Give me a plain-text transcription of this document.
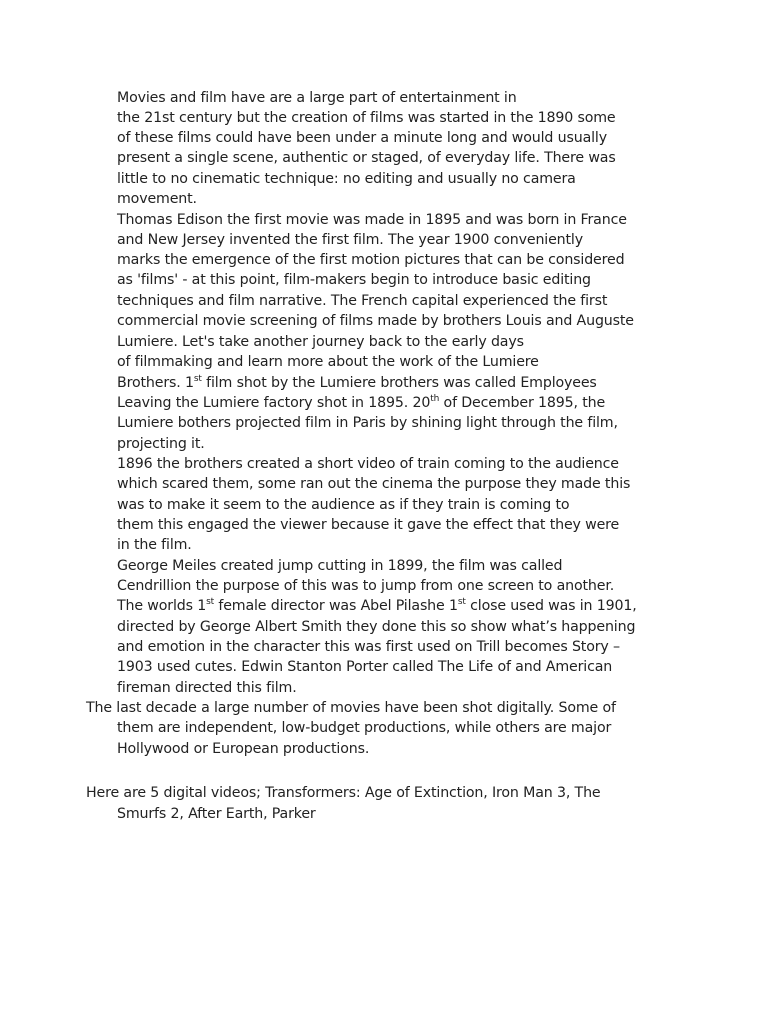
Movies and film have are a large part of entertainment in
the 21st century but the creation of films was started in the 1890 some
of these films could have been under a minute long and would usually
present a single scene, authentic or staged, of everyday life. There was
little to no cinematic technique: no editing and usually no camera
movement.
Thomas Edison the first movie was made in 1895 and was born in France
and New Jersey invented the first film. The year 1900 conveniently
marks the emergence of the first motion pictures that can be considered
as 'films' - at this point, film-makers begin to introduce basic editing
techniques and film narrative. The French capital experienced the first
commercial movie screening of films made by brothers Louis and Auguste
Lumiere. Let's take another journey back to the early days
of filmmaking and learn more about the work of the Lumiere
Brothers. 1st film shot by the Lumiere brothers was called Employees
Leaving the Lumiere factory shot in 1895. 20th of December 1895, the
Lumiere bothers projected film in Paris by shining light through the film,
projecting it.
1896 the brothers created a short video of train coming to the audience
which scared them, some ran out the cinema the purpose they made this
was to make it seem to the audience as if they train is coming to
them this engaged the viewer because it gave the effect that they were
in the film.
George Meiles created jump cutting in 1899, the film was called
Cendrillion the purpose of this was to jump from one screen to another.
The worlds 1st female director was Abel Pilashe 1st close used was in 1901,
directed by George Albert Smith they done this so show what’s happening
and emotion in the character this was first used on Trill becomes Story –
1903 used cutes. Edwin Stanton Porter called The Life of and American
fireman directed this film.
The last decade a large number of movies have been shot digitally. Some of
them are independent, low-budget productions, while others are major
Hollywood or European productions.
Here are 5 digital videos; Transformers: Age of Extinction, Iron Man 3, The
Smurfs 2, After Earth, Parker
